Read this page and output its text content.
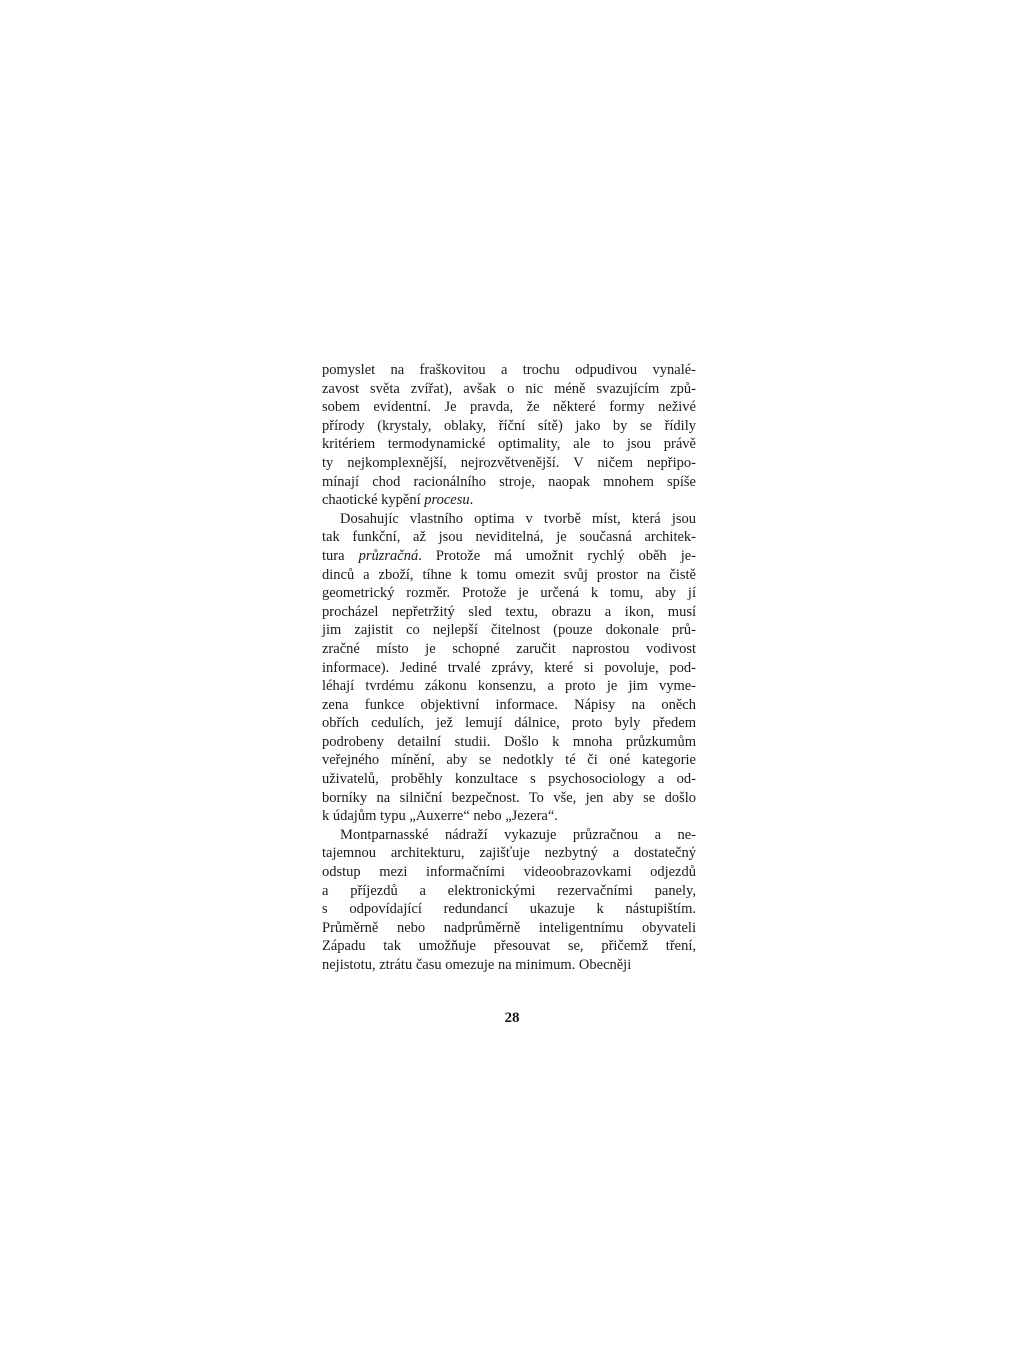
pomyslet na fraškovitou a trochu odpudivou vynalé-
zavost světa zvířat), avšak o nic méně svazujícím způ-
sobem evidentní. Je pravda, že některé formy neživé
přírody (krystaly, oblaky, říční sítě) jako by se řídily
kritériem termodynamické optimality, ale to jsou právě
ty nejkomplexnější, nejrozvětvenější. V ničem nepřipo-
mínají chod racionálního stroje, naopak mnohem spíše
chaotické kypění procesu.
Dosahujíc vlastního optima v tvorbě míst, která jsou
tak funkční, až jsou neviditelná, je současná architek-
tura průzračná. Protože má umožnit rychlý oběh je-
dinců a zboží, tíhne k tomu omezit svůj prostor na čistě
geometrický rozměr. Protože je určená k tomu, aby jí
procházel nepřetržitý sled textu, obrazu a ikon, musí
jim zajistit co nejlepší čitelnost (pouze dokonale prů-
zračné místo je schopné zaručit naprostou vodivost
informace). Jediné trvalé zprávy, které si povoluje, pod-
léhají tvrdému zákonu konsenzu, a proto je jim vyme-
zena funkce objektivní informace. Nápisy na oněch
obřích cedulích, jež lemují dálnice, proto byly předem
podrobeny detailní studii. Došlo k mnoha průzkumům
veřejného mínění, aby se nedotkly té či oné kategorie
uživatelů, proběhly konzultace s psychosociology a od-
borníky na silniční bezpečnost. To vše, jen aby se došlo
k údajům typu „Auxerre“ nebo „Jezera“.
Montparnasské nádraží vykazuje průzračnou a ne-
tajemnou architekturu, zajišťuje nezbytný a dostatečný
odstup mezi informačními videoobrazovkami odjezdů
a příjezdů a elektronickými rezervačními panely,
s odpovídající redundancí ukazuje k nástupištím.
Průměrně nebo nadprůměrně inteligentnímu obyvateli
Západu tak umožňuje přesouvat se, přičemž tření,
nejistotu, ztrátu času omezuje na minimum. Obecněji
28
